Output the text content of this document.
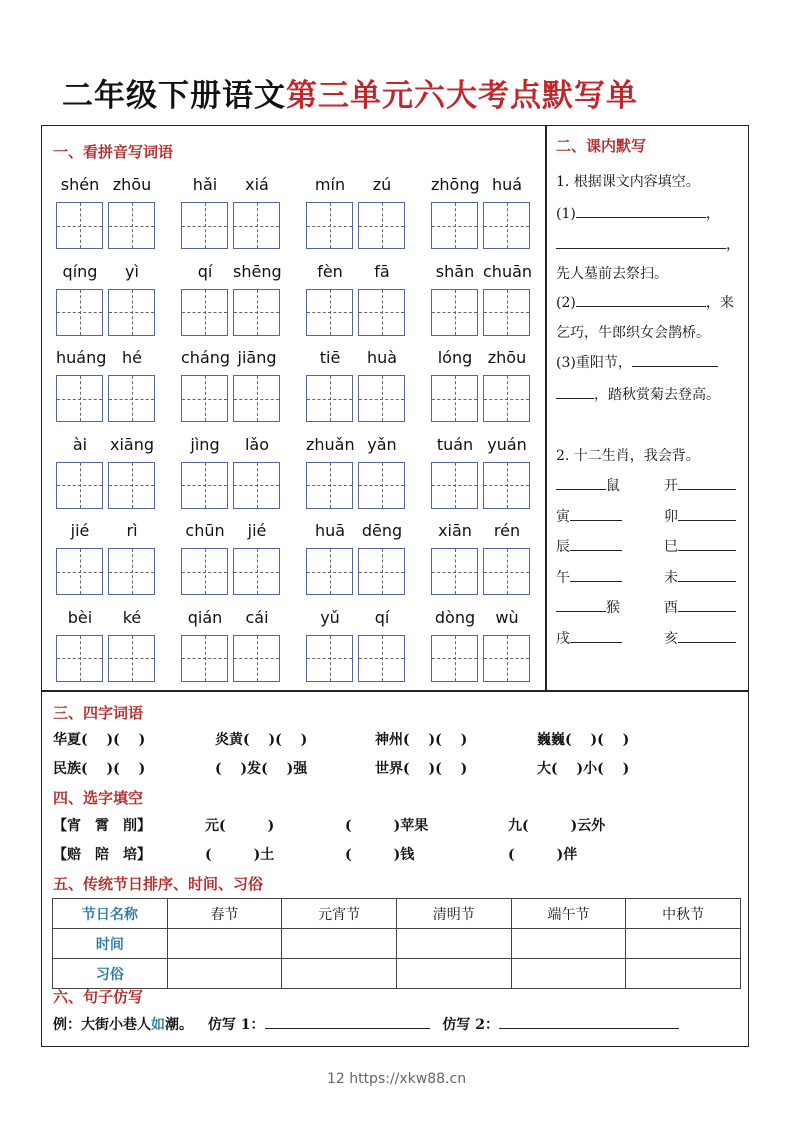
二年级下册语文第三单元六大考点默写单
一、看拼音写词语
shén zhōu	hǎi	xiá	mín	zú	zhōng huá
qíng	yì	qí	shēng	fèn	fā	shān chuān
huáng hé	cháng jiāng	tiē	huà	lóng zhōu
ài	xiāng	jìng	lǎo	zhuǎn yǎn	tuán yuán
jié	rì	chūn	jié	huā	dēng	xiān	rén
bèi	ké	qián	cái	yǔ	qí	dòng	wù
二、课内默写
1. 根据课文内容填空。
(1)	，
，
先人墓前去祭扫。
(2)	，来
乞巧，牛郎织女会鹊桥。
(3)重阳节，
，踏秋赏菊去登高。
2. 十二生肖，我会背。
鼠	开
寅	卯
辰	巳
午	未
猴	酉
戌	亥
三、四字词语
华夏(　 )(　 )	炎黄(　 )(　 )	神州(　 )(　 )	巍巍(　 )(　 )
民族(　 )(　 )	(　 )发(　 )强	世界(　 )(　 )	大(　 )小(　 )
四、选字填空
【宵　霄　削】	元(　　　)	(　　　)苹果	九(　　　)云外
【赔　陪　培】	(　　　)土	(　　　)钱	(　　　)伴
五、传统节日排序、时间、习俗
节日名称	春节	元宵节	清明节	端午节	中秋节
时间					
习俗					
六、句子仿写
例：大街小巷人如潮。 仿写 1：	仿写 2：
12 https://xkw88.cn
